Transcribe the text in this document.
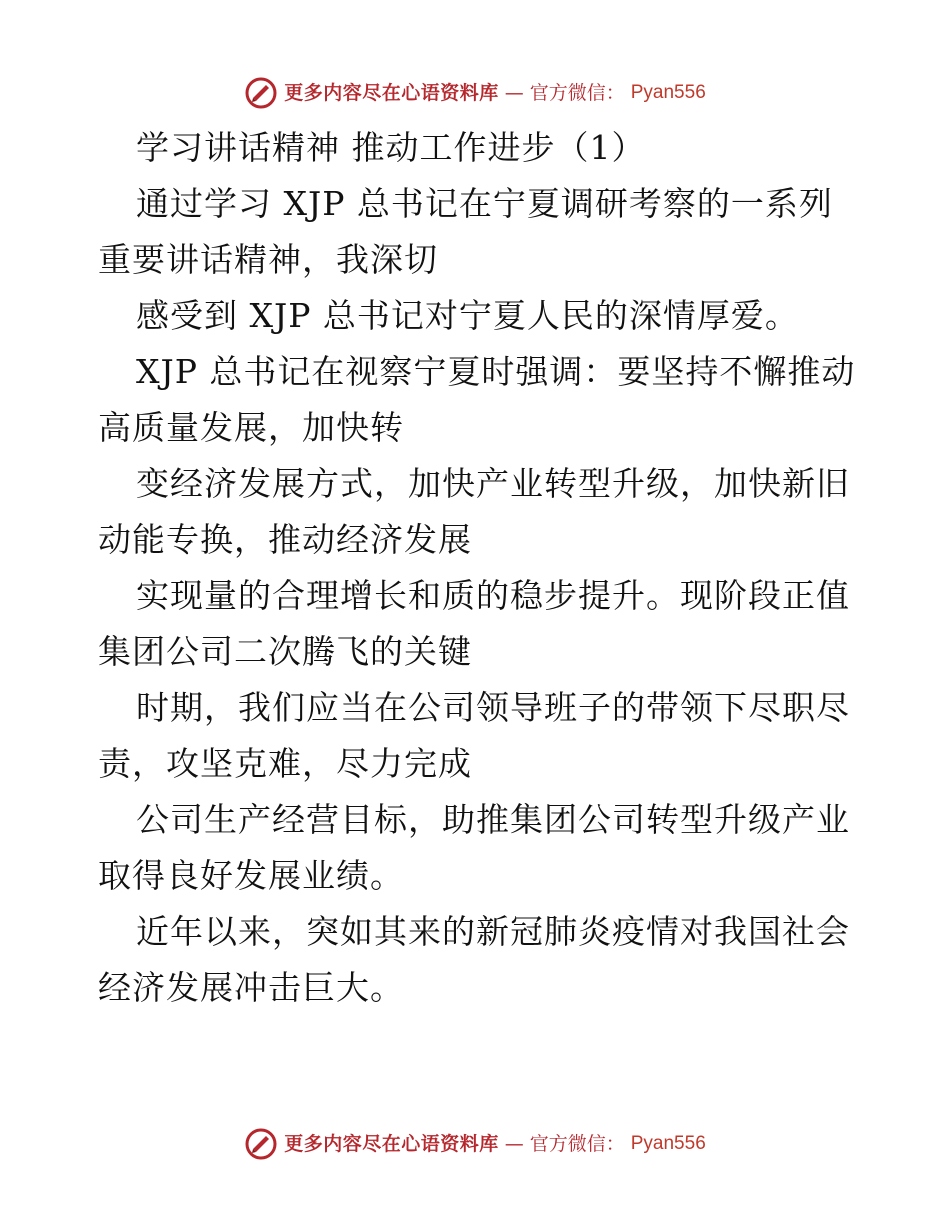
更多内容尽在心语资料库 — 官方微信： Pyan556

学习讲话精神 推动工作进步（1）

通过学习 XJP 总书记在宁夏调研考察的一系列
重要讲话精神，我深切

感受到 XJP 总书记对宁夏人民的深情厚爱。

XJP 总书记在视察宁夏时强调：要坚持不懈推动
高质量发展，加快转

变经济发展方式，加快产业转型升级，加快新旧
动能专换，推动经济发展

实现量的合理增长和质的稳步提升。现阶段正值
集团公司二次腾飞的关键

时期，我们应当在公司领导班子的带领下尽职尽
责，攻坚克难，尽力完成

公司生产经营目标，助推集团公司转型升级产业
取得良好发展业绩。

近年以来，突如其来的新冠肺炎疫情对我国社会
经济发展冲击巨大。

更多内容尽在心语资料库 — 官方微信： Pyan556
